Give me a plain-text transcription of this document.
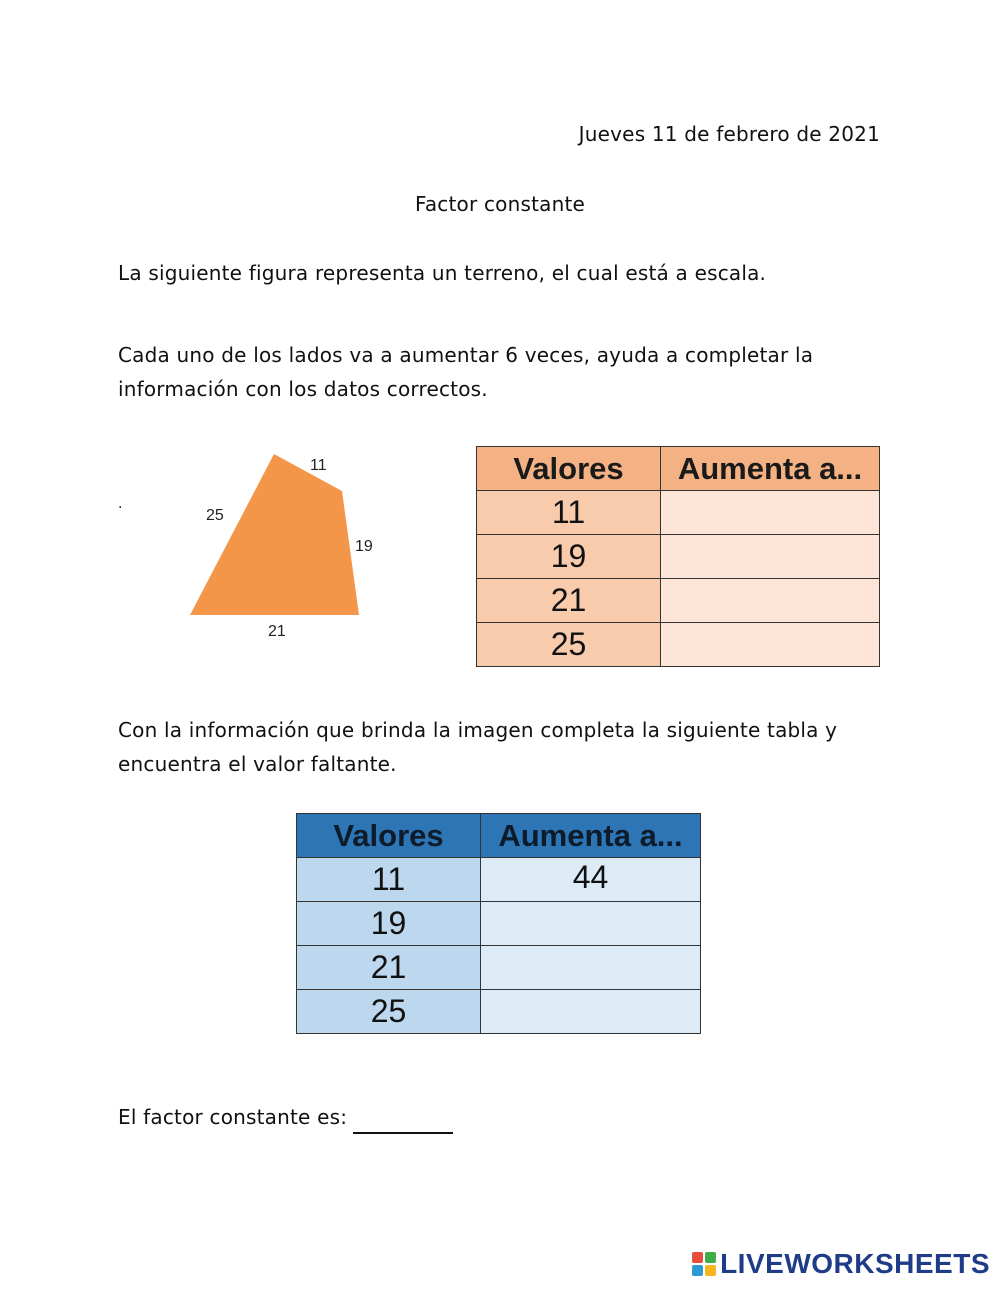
Jueves 11 de febrero de 2021
Factor constante
La siguiente figura representa un terreno, el cual está a escala.
Cada uno de los lados va a aumentar 6 veces, ayuda a completar la información con los datos correctos.
.
11
25
19
21
Valores	Aumenta a...
11	
19	
21	
25	
Con la información que brinda la imagen completa la siguiente tabla y encuentra el valor faltante.
Valores	Aumenta a...
11	44
19	
21	
25	
El factor constante es:
LIVEWORKSHEETS
